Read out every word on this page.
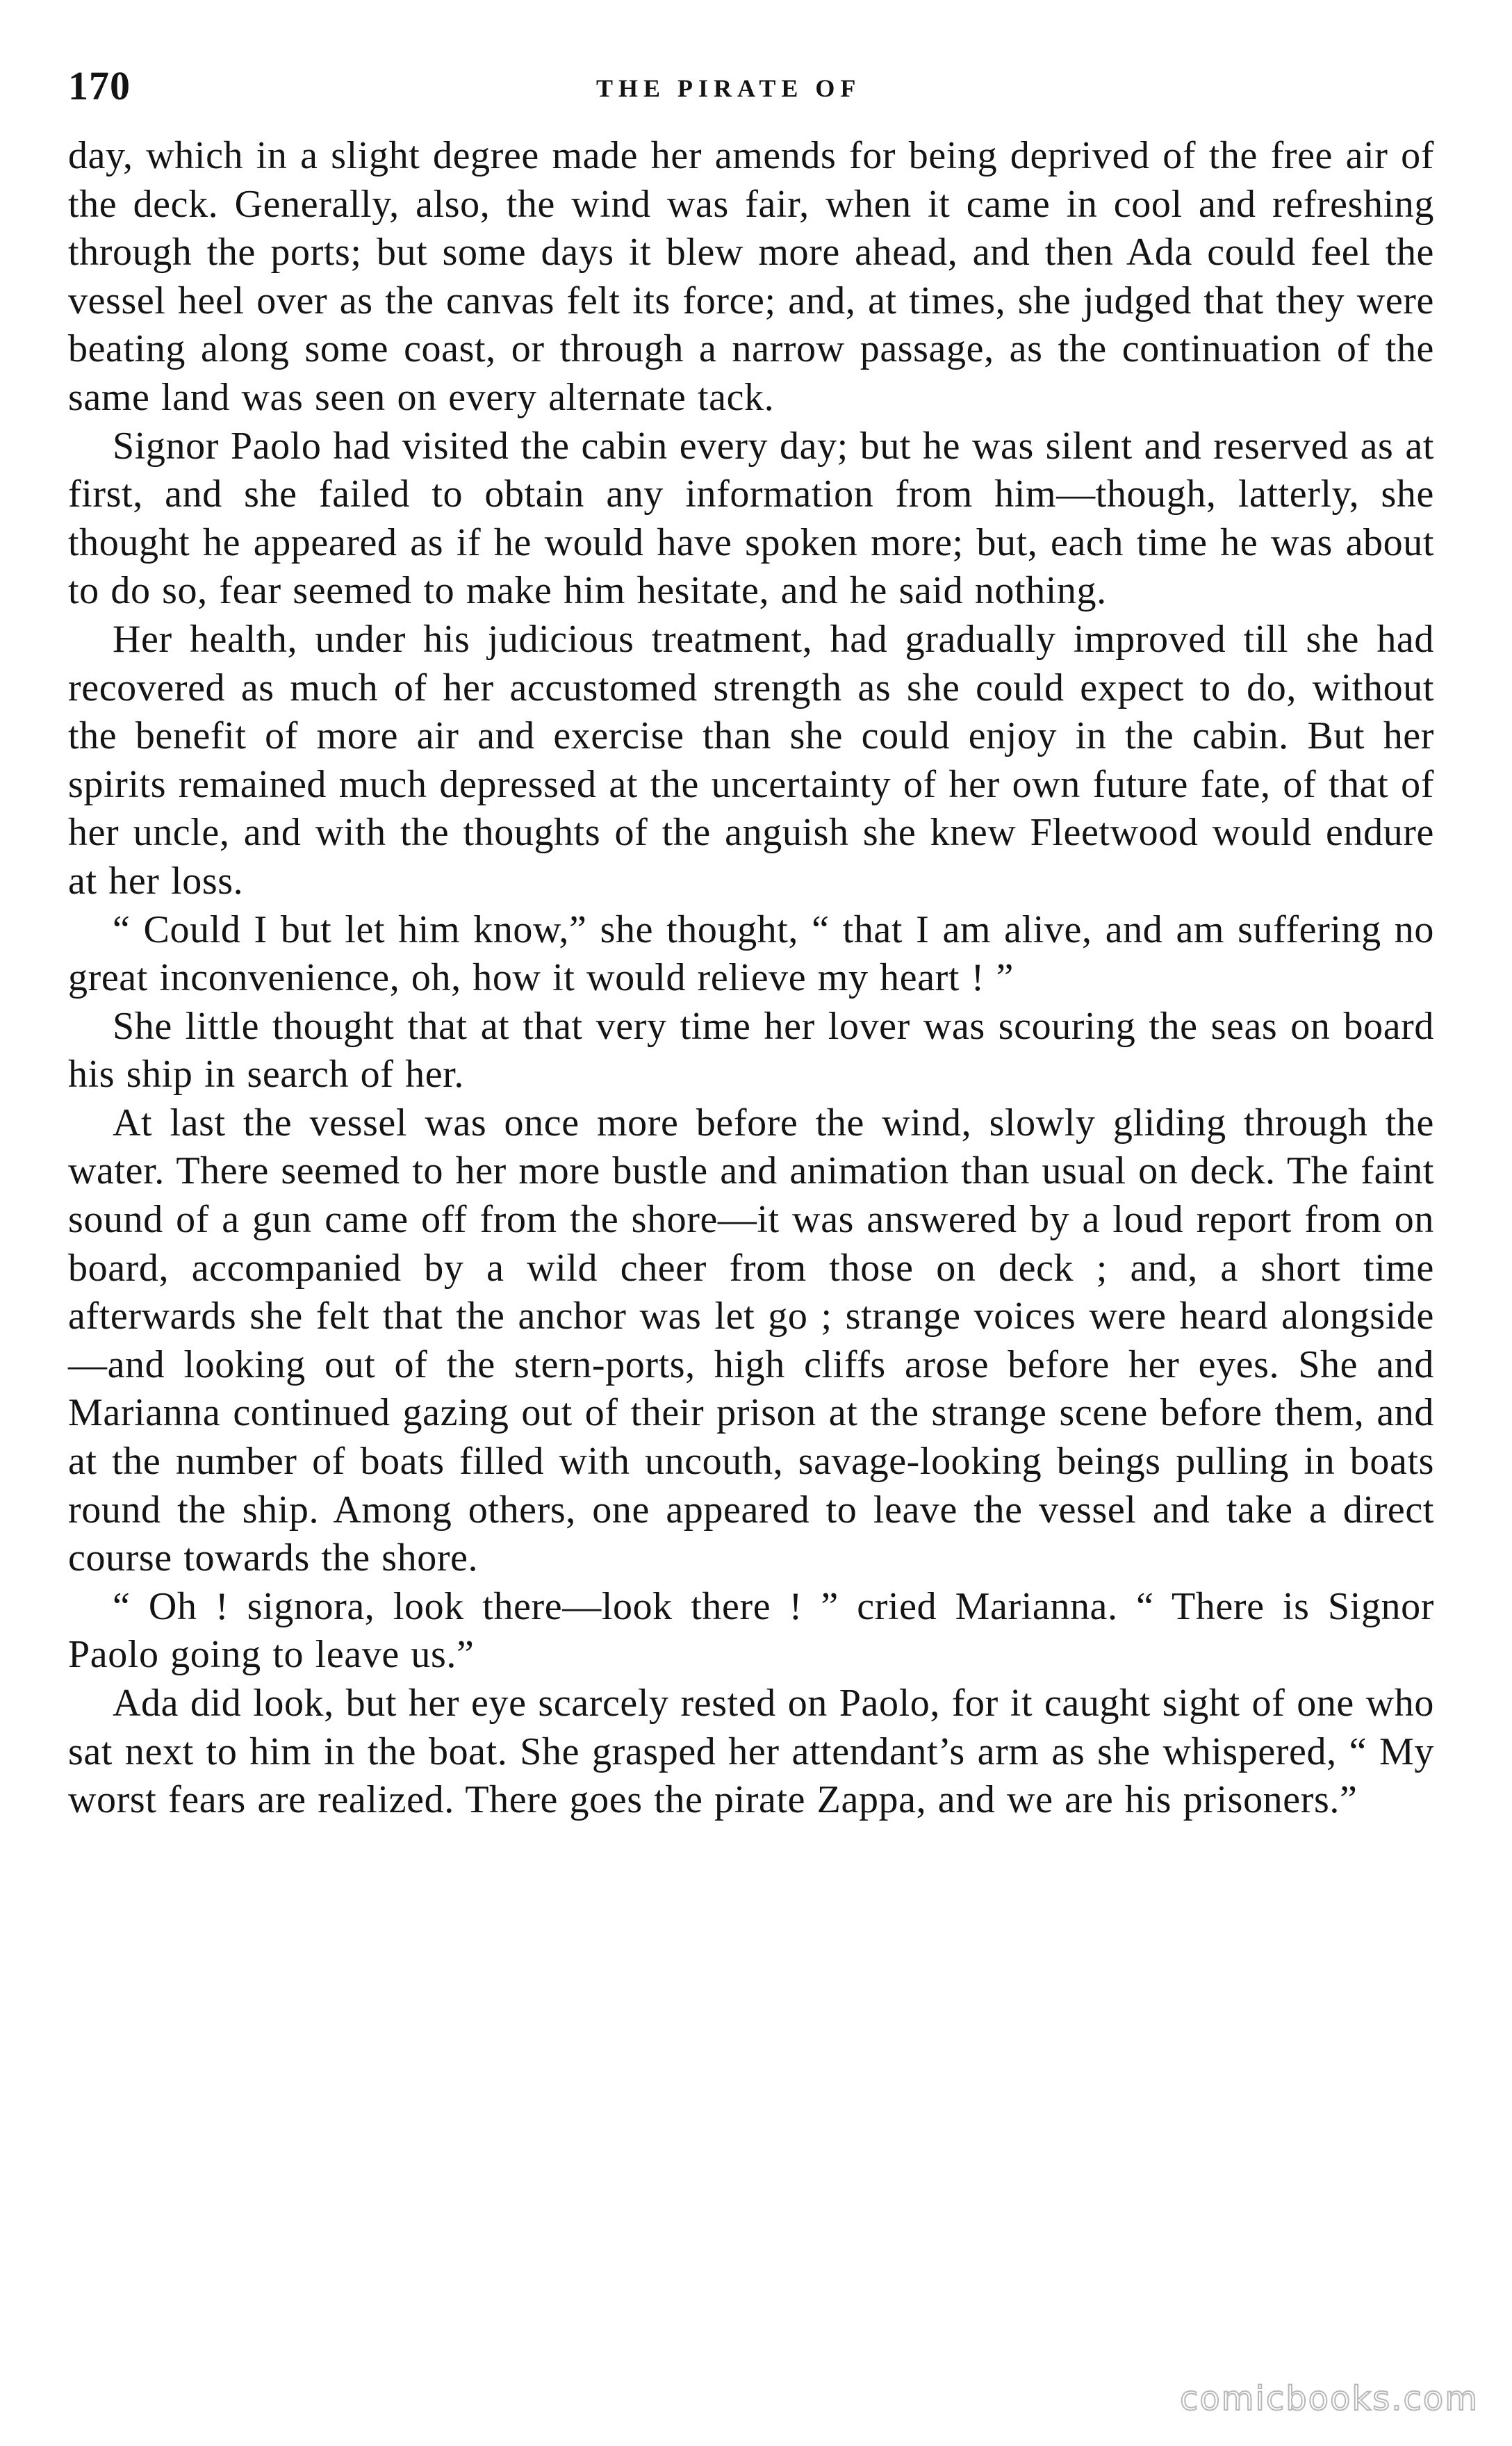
170	THE PIRATE OF

day, which in a slight degree made her amends for being deprived of the free air of the deck. Generally, also, the wind was fair, when it came in cool and refreshing through the ports; but some days it blew more ahead, and then Ada could feel the vessel heel over as the canvas felt its force; and, at times, she judged that they were beating along some coast, or through a narrow passage, as the continuation of the same land was seen on every alternate tack.

Signor Paolo had visited the cabin every day; but he was silent and reserved as at first, and she failed to obtain any information from him—though, latterly, she thought he appeared as if he would have spoken more; but, each time he was about to do so, fear seemed to make him hesitate, and he said nothing.

Her health, under his judicious treatment, had gradually improved till she had recovered as much of her accustomed strength as she could expect to do, without the benefit of more air and exercise than she could enjoy in the cabin. But her spirits remained much depressed at the uncertainty of her own future fate, of that of her uncle, and with the thoughts of the anguish she knew Fleetwood would endure at her loss.

“ Could I but let him know,” she thought, “ that I am alive, and am suffering no great inconvenience, oh, how it would relieve my heart ! ”

She little thought that at that very time her lover was scouring the seas on board his ship in search of her.

At last the vessel was once more before the wind, slowly gliding through the water. There seemed to her more bustle and animation than usual on deck. The faint sound of a gun came off from the shore—it was answered by a loud report from on board, accompanied by a wild cheer from those on deck ; and, a short time afterwards she felt that the anchor was let go ; strange voices were heard alongside—and looking out of the stern-ports, high cliffs arose before her eyes. She and Marianna continued gazing out of their prison at the strange scene before them, and at the number of boats filled with uncouth, savage-looking beings pulling in boats round the ship. Among others, one appeared to leave the vessel and take a direct course towards the shore.

“ Oh ! signora, look there—look there ! ” cried Marianna. “ There is Signor Paolo going to leave us.”

Ada did look, but her eye scarcely rested on Paolo, for it caught sight of one who sat next to him in the boat. She grasped her attendant’s arm as she whispered, “ My worst fears are realized. There goes the pirate Zappa, and we are his prisoners.”

comicbooks.com
